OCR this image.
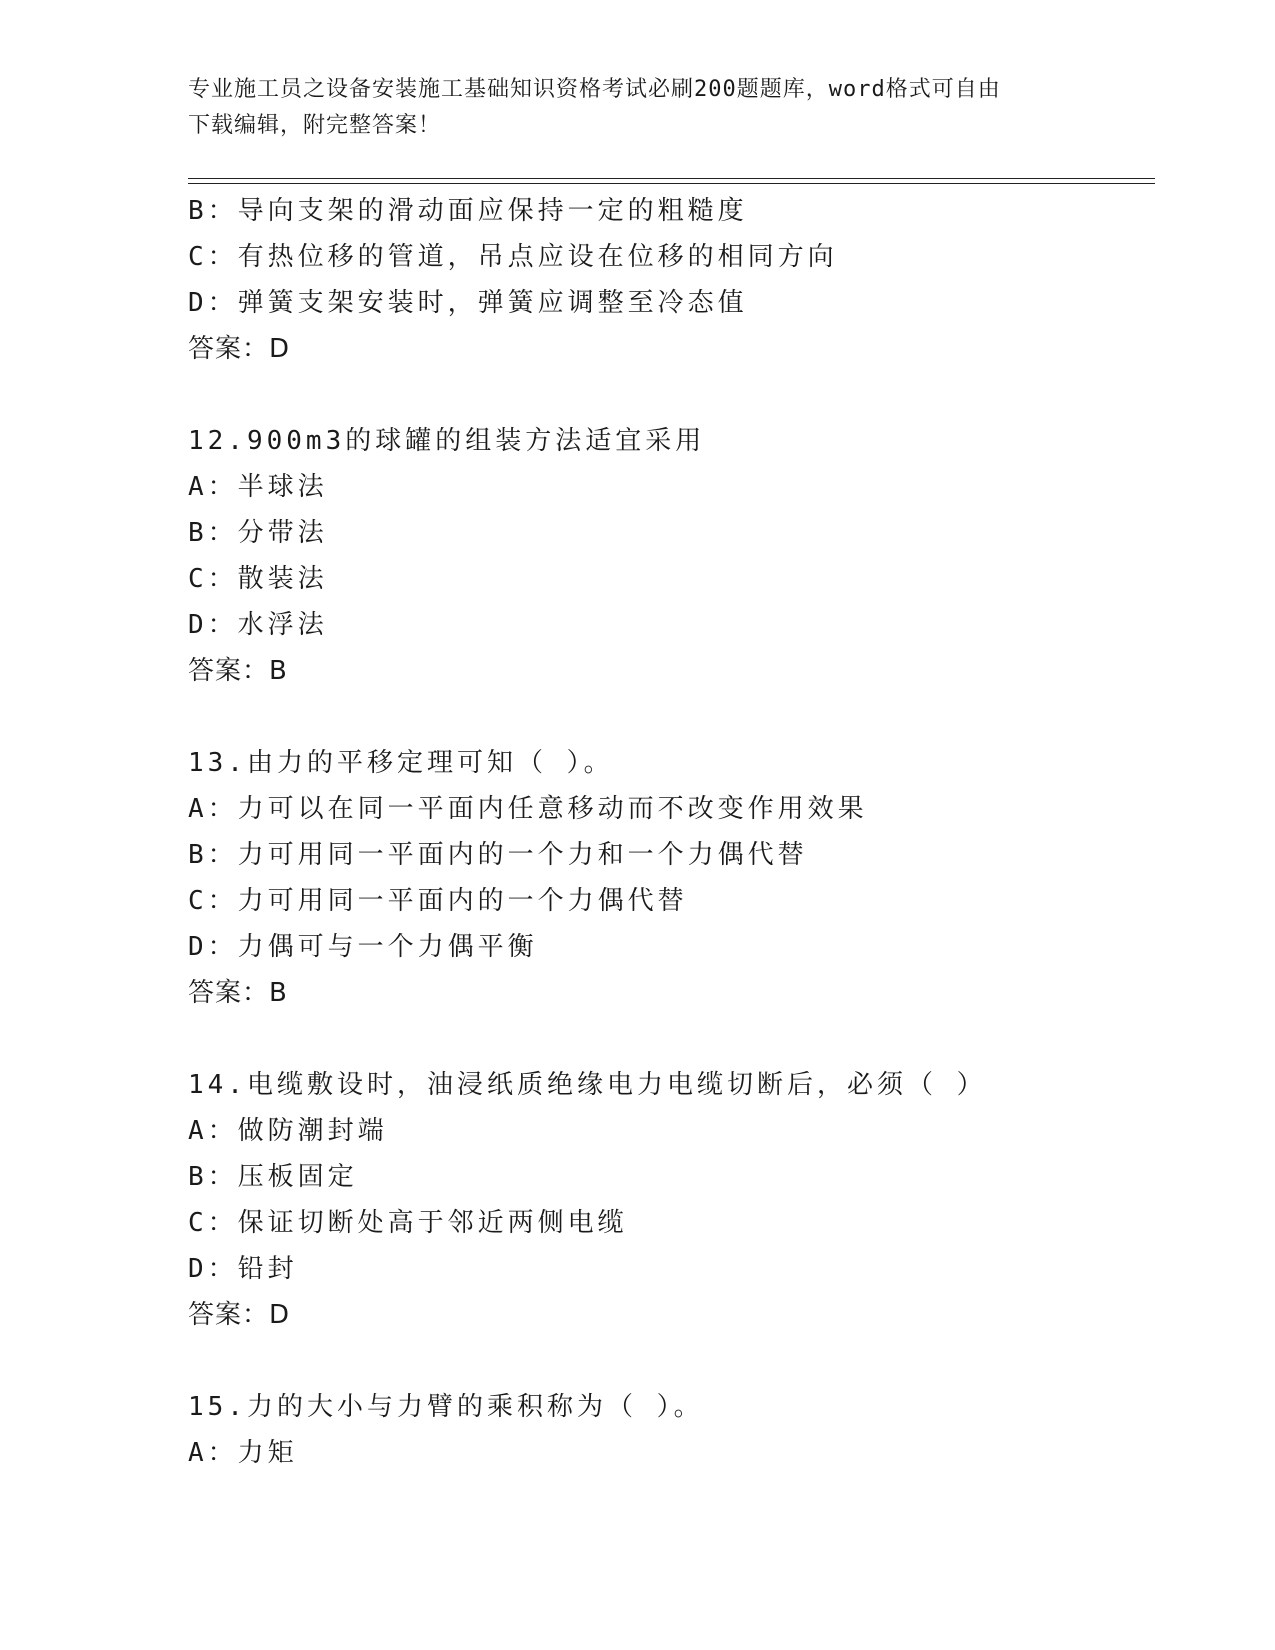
专业施工员之设备安装施工基础知识资格考试必刷200题题库，word格式可自由
下载编辑，附完整答案！
B：导向支架的滑动面应保持一定的粗糙度
C：有热位移的管道，吊点应设在位移的相同方向
D：弹簧支架安装时，弹簧应调整至冷态值
答案：D
12.900m3的球罐的组装方法适宜采用
A：半球法
B：分带法
C：散装法
D：水浮法
答案：B
13.由力的平移定理可知（ ）。
A：力可以在同一平面内任意移动而不改变作用效果
B：力可用同一平面内的一个力和一个力偶代替
C：力可用同一平面内的一个力偶代替
D：力偶可与一个力偶平衡
答案：B
14.电缆敷设时，油浸纸质绝缘电力电缆切断后，必须（ ）
A：做防潮封端
B：压板固定
C：保证切断处高于邻近两侧电缆
D：铅封
答案：D
15.力的大小与力臂的乘积称为（ ）。
A：力矩
